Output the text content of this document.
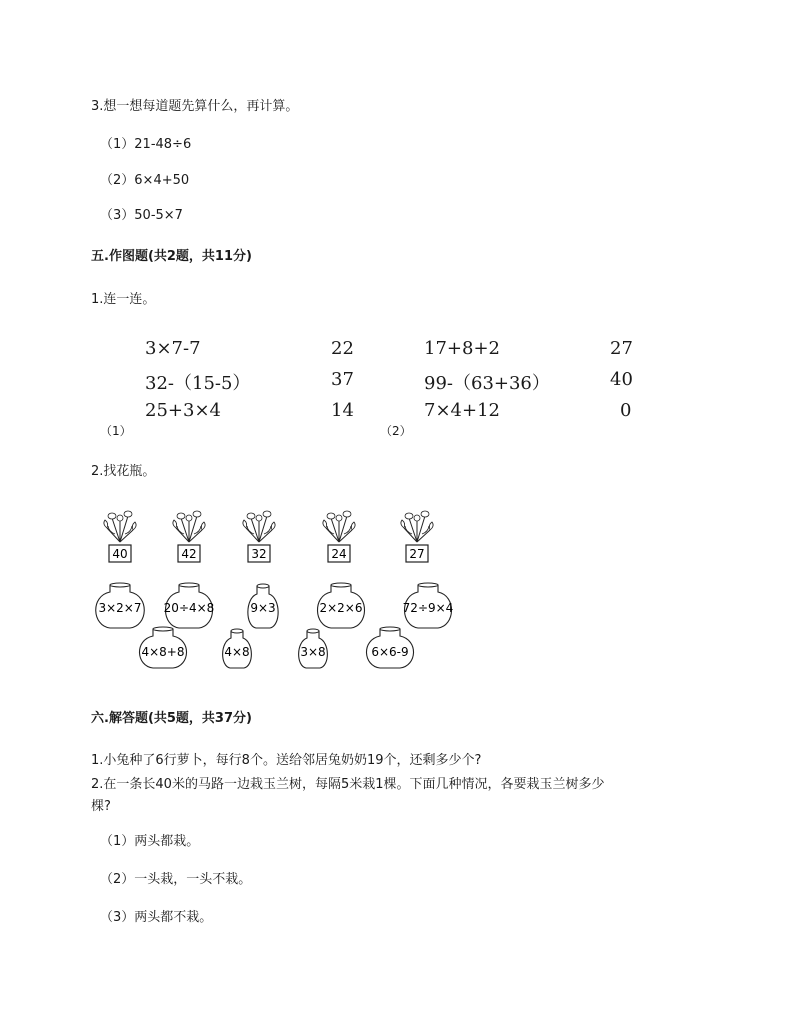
3.想一想每道题先算什么，再计算。
（1）21-48÷6
（2）6×4+50
（3）50-5×7
五.作图题(共2题，共11分)
1.连一连。
3×7-7
32-（15-5）
25+3×4
22
37
14
（1）
17+8+2
99-（63+36）
7×4+12
27
40
0
（2）
2.找花瓶。
40	42	32	24	27
3×2×7 20÷4×8	9×3	2×2×6	72÷9×4
4×8+8	4×8	3×8	6×6-9
六.解答题(共5题，共37分)
1.小兔种了6行萝卜，每行8个。送给邻居兔奶奶19个，还剩多少个?
2.在一条长40米的马路一边栽玉兰树，每隔5米栽1棵。下面几种情况，各要栽玉兰树多少
棵?
（1）两头都栽。
（2）一头栽，一头不栽。
（3）两头都不栽。
